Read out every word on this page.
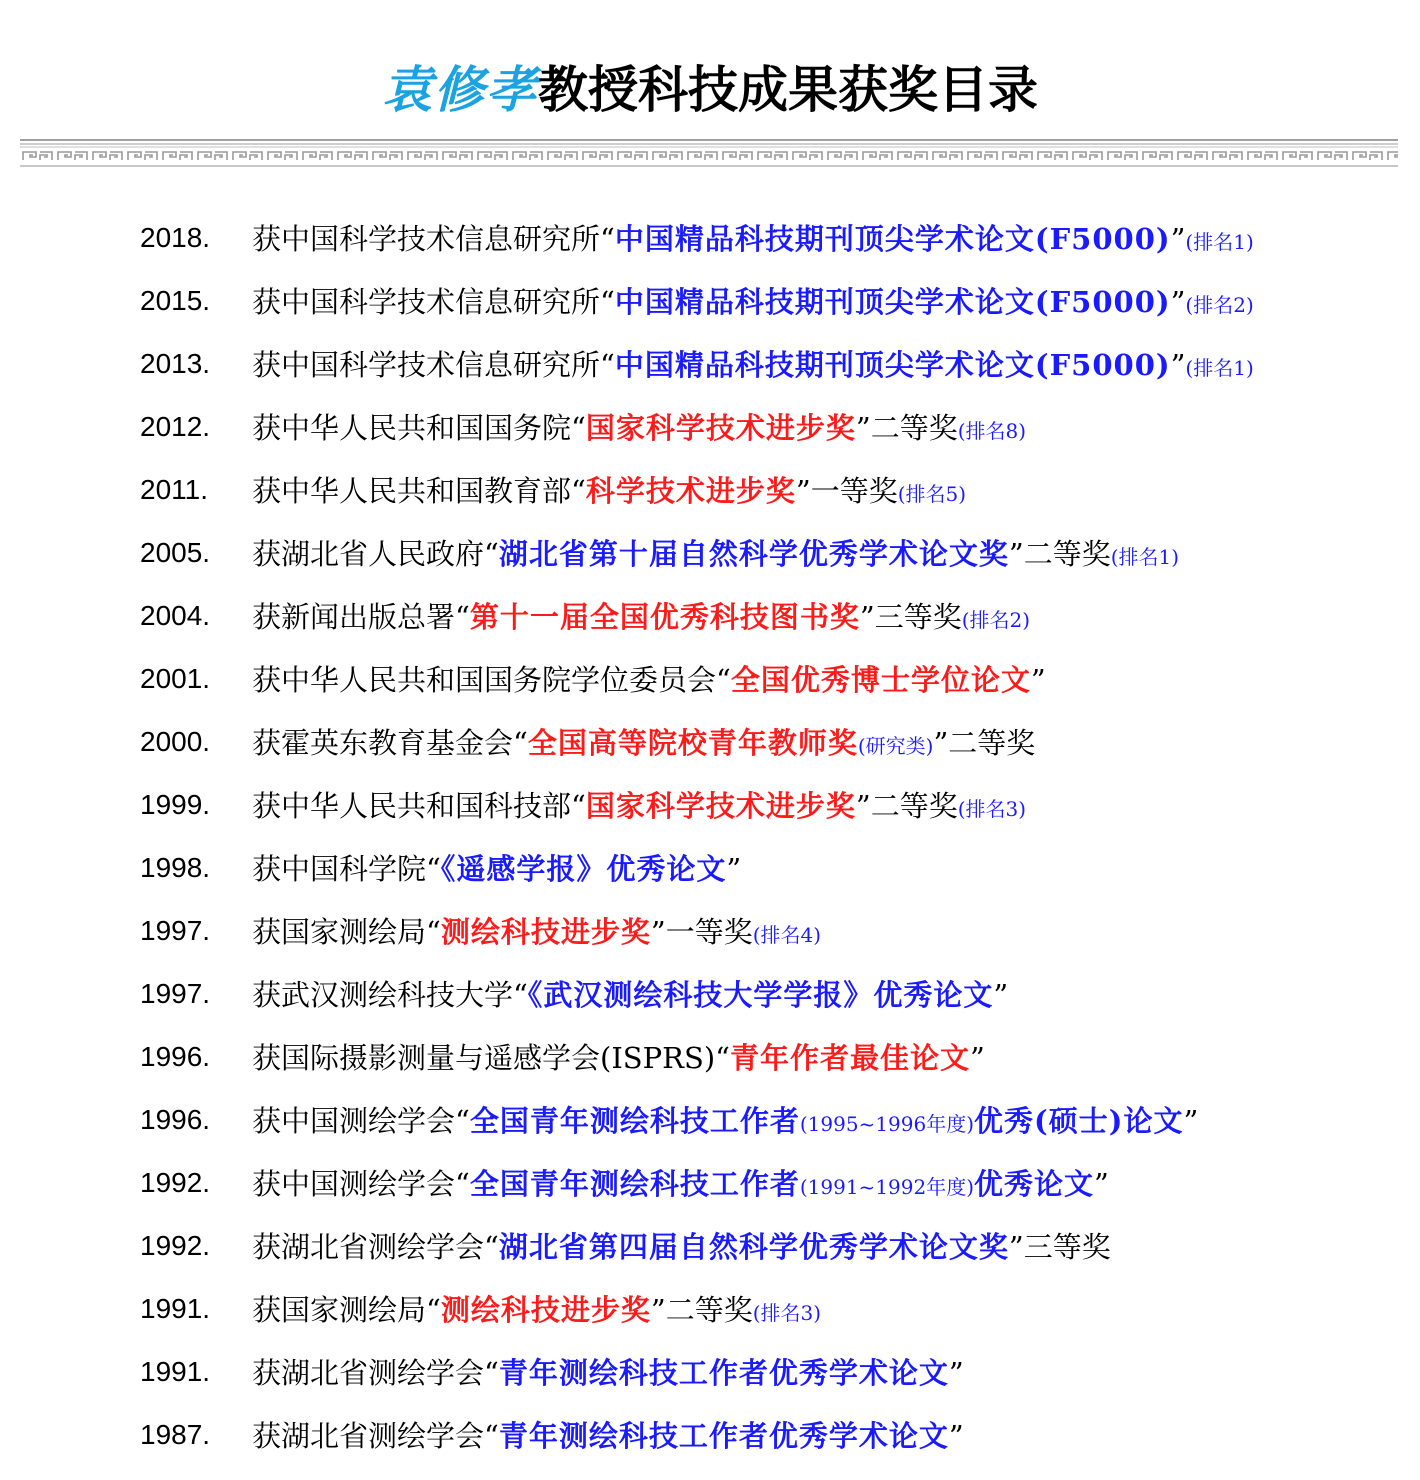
袁修孝教授科技成果获奖目录
2018.	获中国科学技术信息研究所“中国精品科技期刊顶尖学术论文(F5000)”(排名1)
2015.	获中国科学技术信息研究所“中国精品科技期刊顶尖学术论文(F5000)”(排名2)
2013.	获中国科学技术信息研究所“中国精品科技期刊顶尖学术论文(F5000)”(排名1)
2012.	获中华人民共和国国务院“国家科学技术进步奖”二等奖(排名8)
2011.	获中华人民共和国教育部“科学技术进步奖”一等奖(排名5)
2005.	获湖北省人民政府“湖北省第十届自然科学优秀学术论文奖”二等奖(排名1)
2004.	获新闻出版总署“第十一届全国优秀科技图书奖”三等奖(排名2)
2001.	获中华人民共和国国务院学位委员会“全国优秀博士学位论文”
2000.	获霍英东教育基金会“全国高等院校青年教师奖(研究类)”二等奖
1999.	获中华人民共和国科技部“国家科学技术进步奖”二等奖(排名3)
1998.	获中国科学院“《遥感学报》优秀论文”
1997.	获国家测绘局“测绘科技进步奖”一等奖(排名4)
1997.	获武汉测绘科技大学“《武汉测绘科技大学学报》优秀论文”
1996.	获国际摄影测量与遥感学会(ISPRS)“青年作者最佳论文”
1996.	获中国测绘学会“全国青年测绘科技工作者(1995~1996年度)优秀(硕士)论文”
1992.	获中国测绘学会“全国青年测绘科技工作者(1991~1992年度)优秀论文”
1992.	获湖北省测绘学会“湖北省第四届自然科学优秀学术论文奖”三等奖
1991.	获国家测绘局“测绘科技进步奖”二等奖(排名3)
1991.	获湖北省测绘学会“青年测绘科技工作者优秀学术论文”
1987.	获湖北省测绘学会“青年测绘科技工作者优秀学术论文”
